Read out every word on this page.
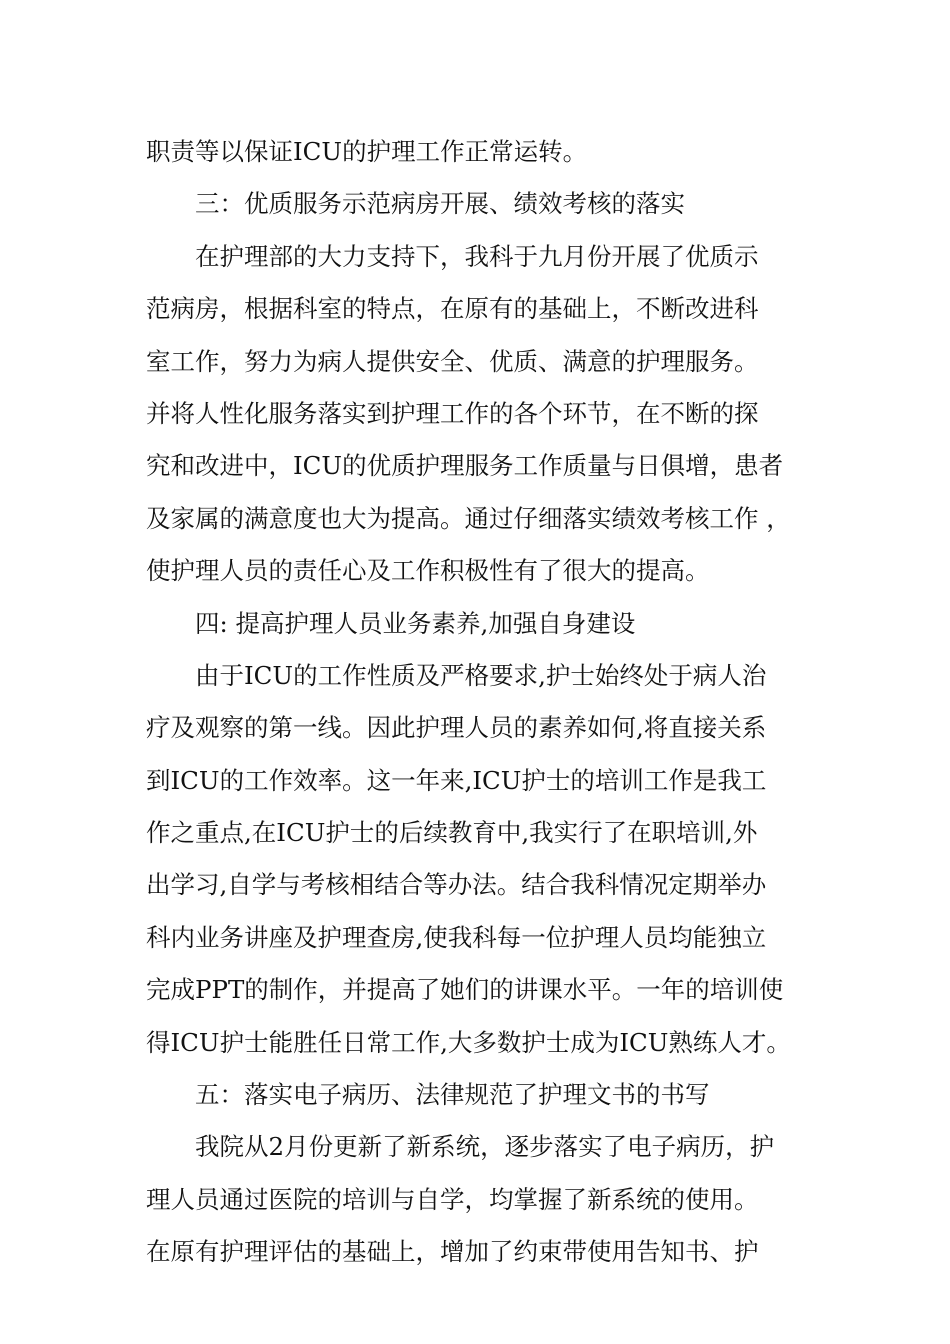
职责等以保证ICU的护理工作正常运转。
三：优质服务示范病房开展、绩效考核的落实
在护理部的大力支持下，我科于九月份开展了优质示
范病房，根据科室的特点，在原有的基础上，不断改进科
室工作，努力为病人提供安全、优质、满意的护理服务。
并将人性化服务落实到护理工作的各个环节，在不断的探
究和改进中，ICU的优质护理服务工作质量与日俱增，患者
及家属的满意度也大为提高。通过仔细落实绩效考核工作 ，
使护理人员的责任心及工作积极性有了很大的提高。
四: 提高护理人员业务素养,加强自身建设
由于ICU的工作性质及严格要求,护士始终处于病人治
疗及观察的第一线。因此护理人员的素养如何,将直接关系
到ICU的工作效率。这一年来,ICU护士的培训工作是我工
作之重点,在ICU护士的后续教育中,我实行了在职培训,外
出学习,自学与考核相结合等办法。结合我科情况定期举办
科内业务讲座及护理查房,使我科每一位护理人员均能独立
完成PPT的制作，并提高了她们的讲课水平。一年的培训使
得ICU护士能胜任日常工作,大多数护士成为ICU熟练人才。
五：落实电子病历、法律规范了护理文书的书写
我院从2月份更新了新系统，逐步落实了电子病历，护
理人员通过医院的培训与自学，均掌握了新系统的使用。
在原有护理评估的基础上，增加了约束带使用告知书、护
